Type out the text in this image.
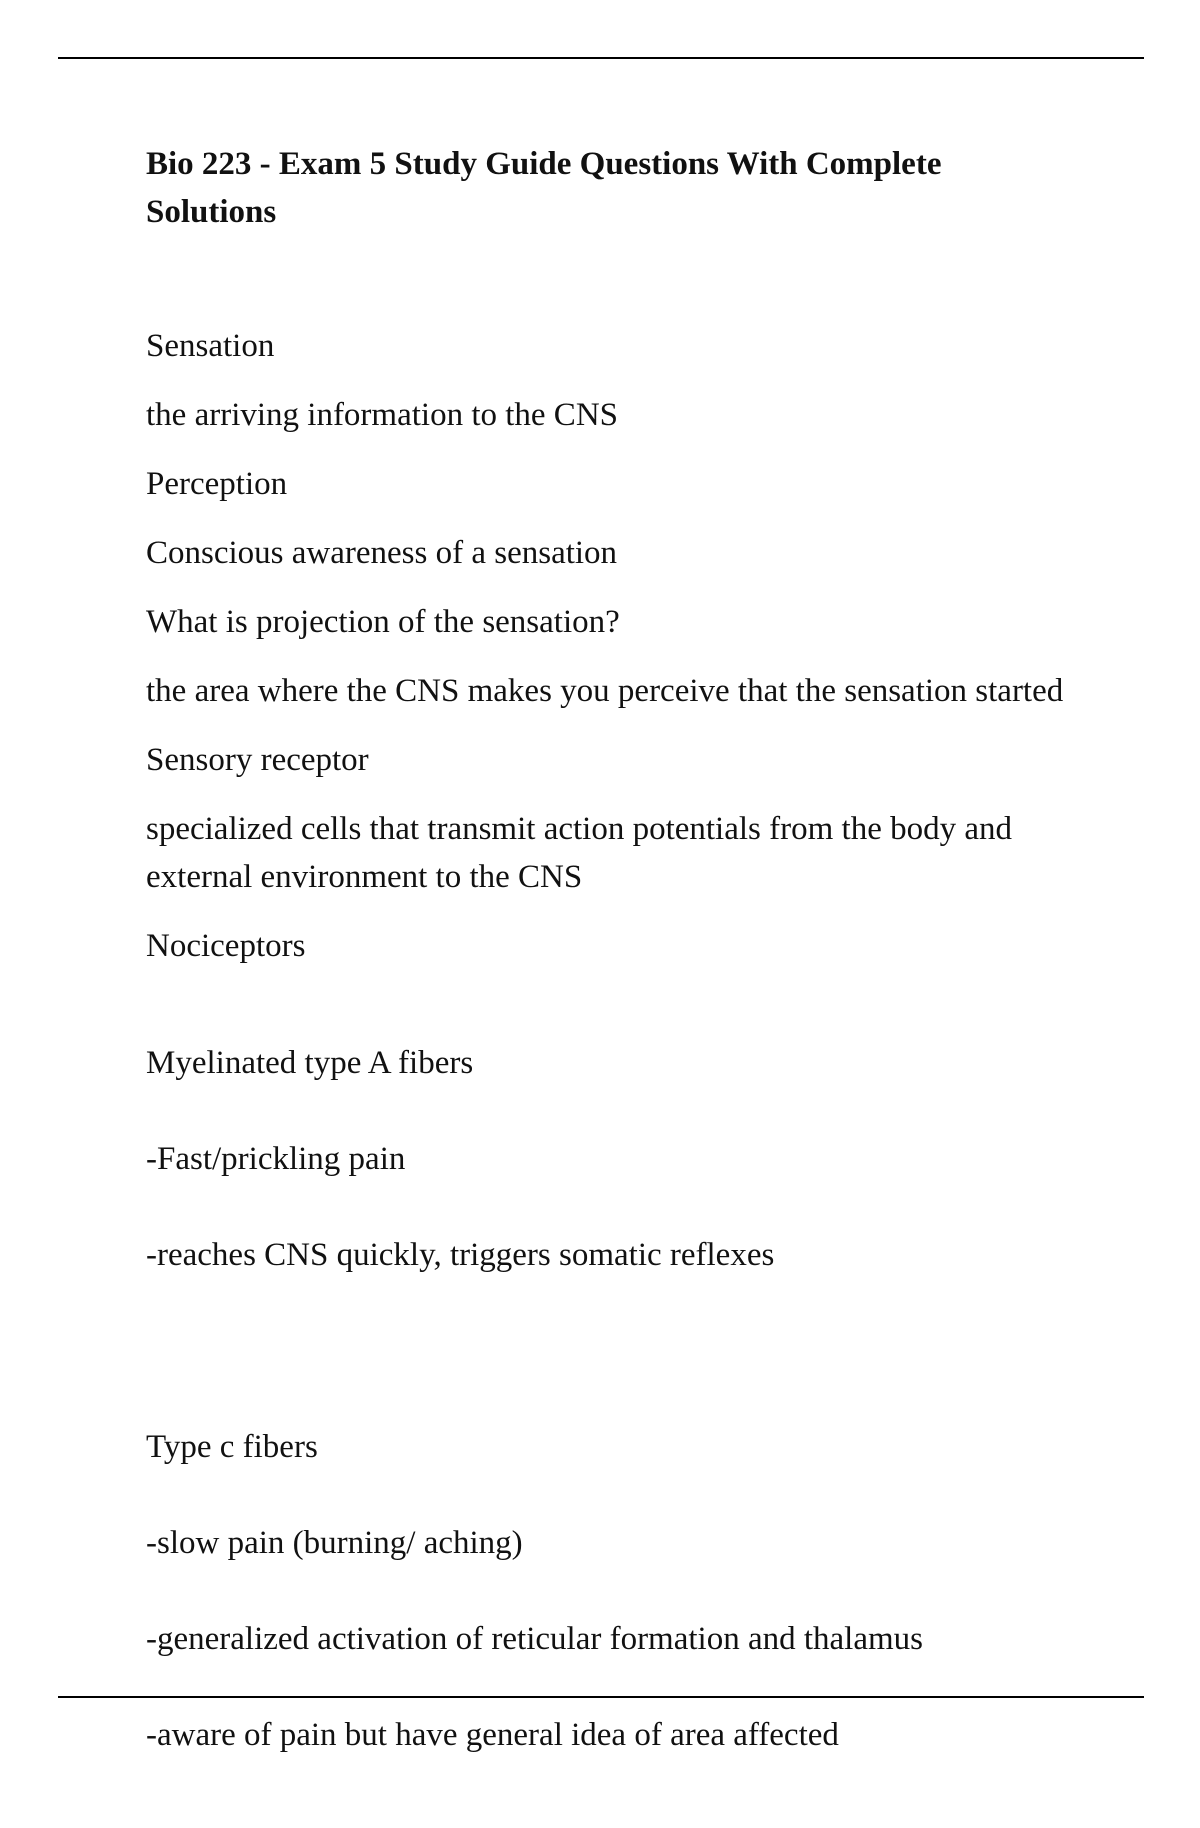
Bio 223 - Exam 5 Study Guide Questions With Complete Solutions
Sensation
the arriving information to the CNS
Perception
Conscious awareness of a sensation
What is projection of the sensation?
the area where the CNS makes you perceive that the sensation started
Sensory receptor
specialized cells that transmit action potentials from the body and external environment to the CNS
Nociceptors

Myelinated type A fibers

-Fast/prickling pain

-reaches CNS quickly, triggers somatic reflexes

Type c fibers

-slow pain (burning/ aching)

-generalized activation of reticular formation and thalamus

-aware of pain but have general idea of area affected
